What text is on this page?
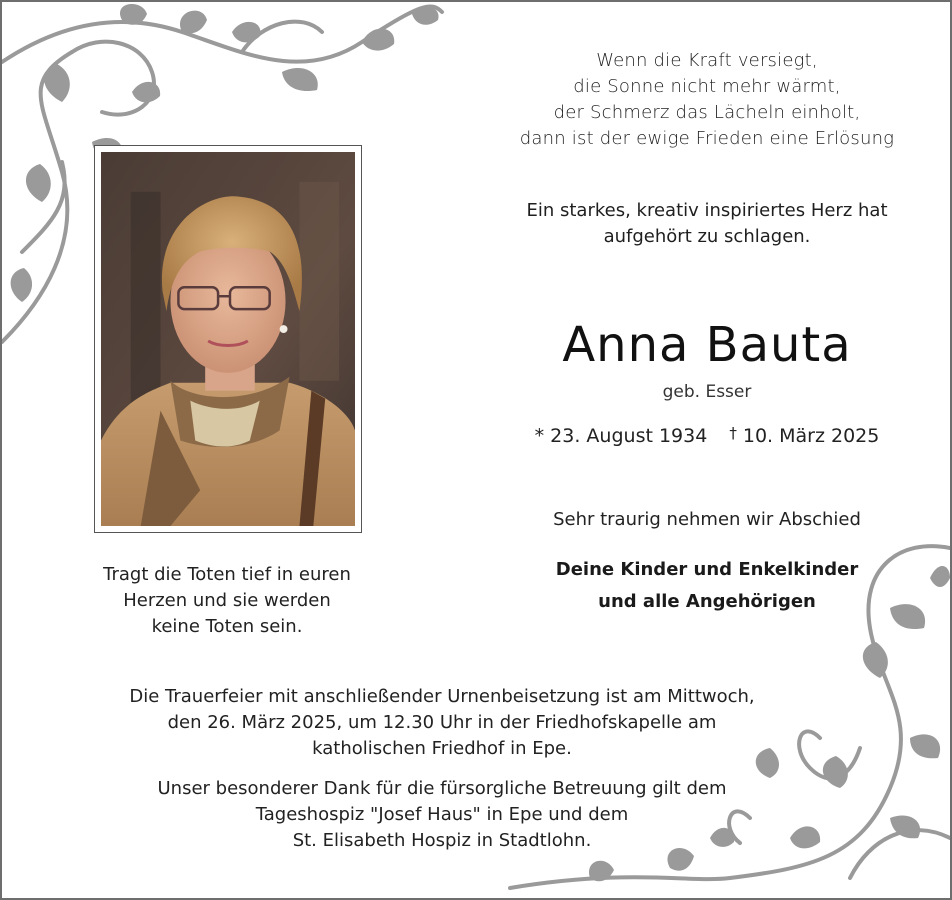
Wenn die Kraft versiegt,
die Sonne nicht mehr wärmt,
der Schmerz das Lächeln einholt,
dann ist der ewige Frieden eine Erlösung
Ein starkes, kreativ inspiriertes Herz hat
aufgehört zu schlagen.
Anna Bauta
geb. Esser
* 23. August 1934 † 10. März 2025
Sehr traurig nehmen wir Abschied
Deine Kinder und Enkelkinder
und alle Angehörigen
Tragt die Toten tief in euren
Herzen und sie werden
keine Toten sein.
Die Trauerfeier mit anschließender Urnenbeisetzung ist am Mittwoch,
den 26. März 2025, um 12.30 Uhr in der Friedhofskapelle am
katholischen Friedhof in Epe.
Unser besonderer Dank für die fürsorgliche Betreuung gilt dem
Tageshospiz "Josef Haus" in Epe und dem
St. Elisabeth Hospiz in Stadtlohn.
